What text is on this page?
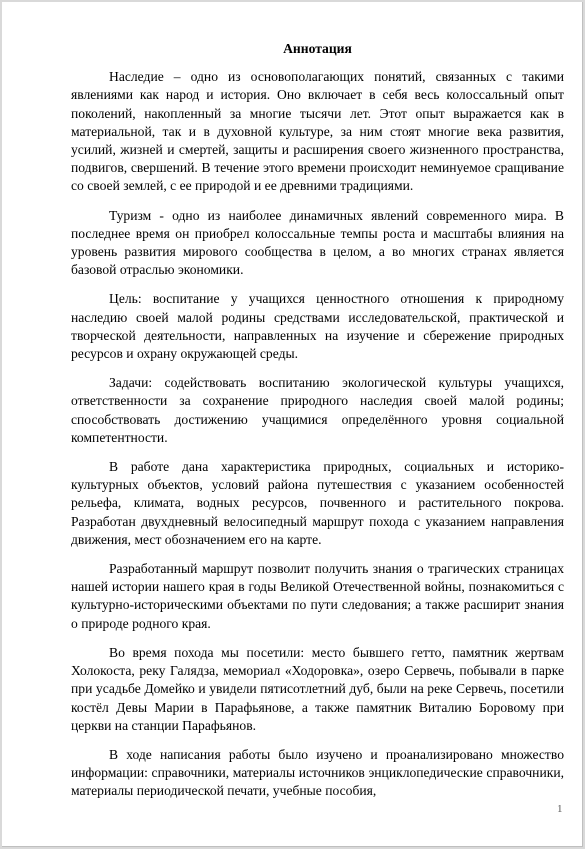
Аннотация

Наследие – одно из основополагающих понятий, связанных с такими явлениями как народ и история. Оно включает в себя весь колоссальный опыт поколений, накопленный за многие тысячи лет. Этот опыт выражается как в материальной, так и в духовной культуре, за ним стоят многие века развития, усилий, жизней и смертей, защиты и расширения своего жизненного пространства, подвигов, свершений. В течение этого времени происходит неминуемое сращивание со своей землей, с ее природой и ее древними традициями.

Туризм - одно из наиболее динамичных явлений современного мира. В последнее время он приобрел колоссальные темпы роста и масштабы влияния на уровень развития мирового сообщества в целом, а во многих странах является базовой отраслью экономики.

Цель: воспитание у учащихся ценностного отношения к природному наследию своей малой родины средствами исследовательской, практической и творческой деятельности, направленных на изучение и сбережение природных ресурсов и охрану окружающей среды.

Задачи: содействовать воспитанию экологической культуры учащихся, ответственности за сохранение природного наследия своей малой родины; способствовать достижению учащимися определённого уровня социальной компетентности.

В работе дана характеристика природных, социальных и историко-культурных объектов, условий района путешествия с указанием особенностей рельефа, климата, водных ресурсов, почвенного и растительного покрова. Разработан двухдневный велосипедный маршрут похода с указанием направления движения, мест обозначением его на карте.

Разработанный маршрут позволит получить знания о трагических страницах нашей истории нашего края в годы Великой Отечественной войны, познакомиться с культурно-историческими объектами по пути следования; а также расширит знания о природе родного края.

Во время похода мы посетили: место бывшего гетто, памятник жертвам Холокоста, реку Галядза, мемориал «Ходоровка», озеро Сервечь, побывали в парке при усадьбе Домейко и увидели пятисотлетний дуб, были на реке Сервечь, посетили костёл Девы Марии в Парафьянове, а также памятник Виталию Боровому при церкви на станции Парафьянов.

В ходе написания работы было изучено и проанализировано множество информации: справочники, материалы источников энциклопедические справочники, материалы периодической печати, учебные пособия,

1
